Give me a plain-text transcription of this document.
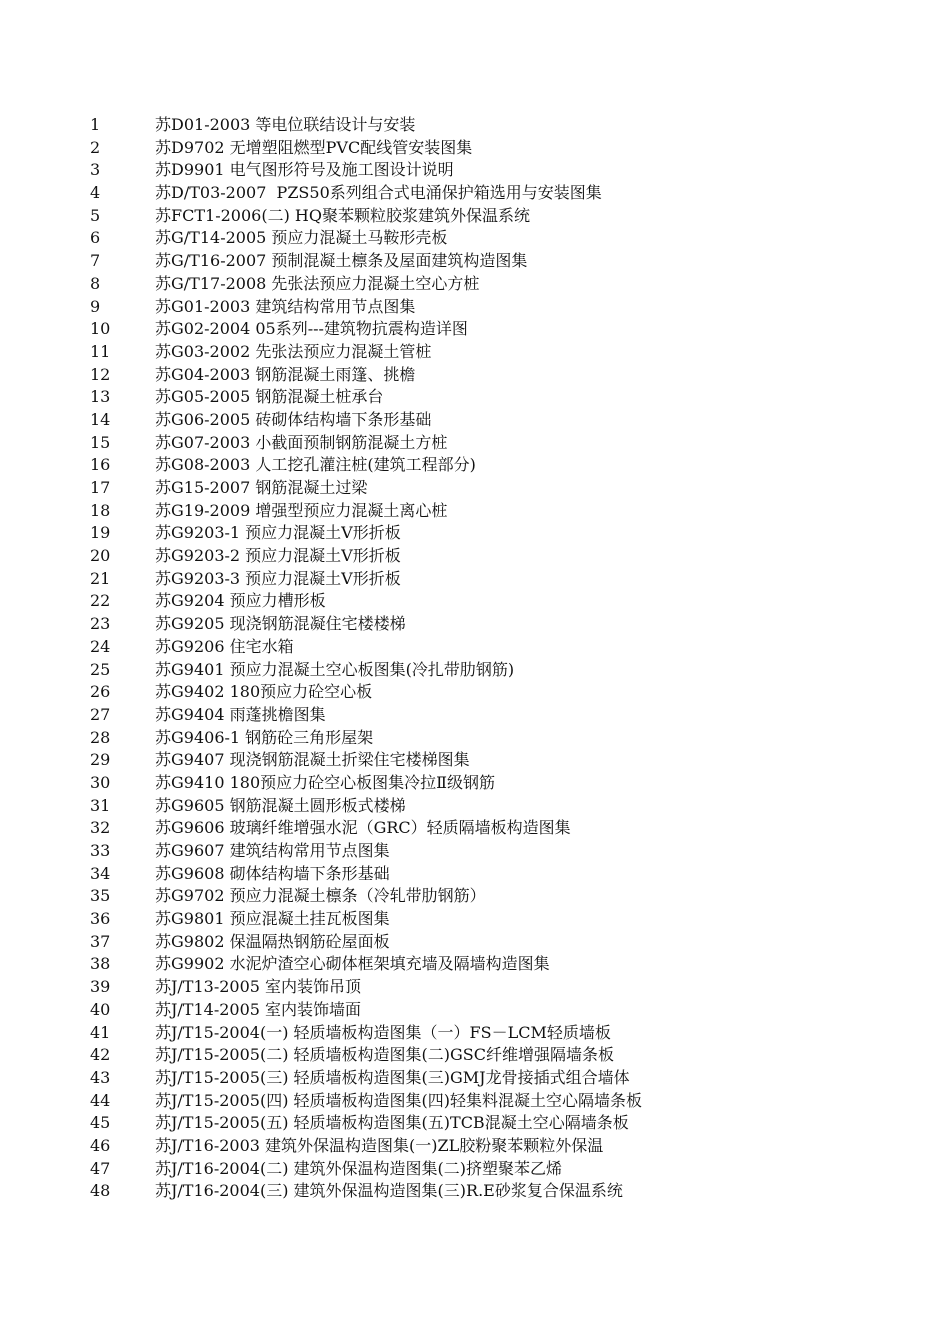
1	苏D01-2003 等电位联结设计与安装
2	苏D9702 无增塑阻燃型PVC配线管安装图集
3	苏D9901 电气图形符号及施工图设计说明
4	苏D/T03-2007  PZS50系列组合式电涌保护箱选用与安装图集
5	苏FCT1-2006(二) HQ聚苯颗粒胶浆建筑外保温系统
6	苏G/T14-2005 预应力混凝土马鞍形壳板
7	苏G/T16-2007 预制混凝土檩条及屋面建筑构造图集
8	苏G/T17-2008 先张法预应力混凝土空心方桩
9	苏G01-2003 建筑结构常用节点图集
10	苏G02-2004 05系列---建筑物抗震构造详图
11	苏G03-2002 先张法预应力混凝土管桩
12	苏G04-2003 钢筋混凝土雨篷、挑檐
13	苏G05-2005 钢筋混凝土桩承台
14	苏G06-2005 砖砌体结构墙下条形基础
15	苏G07-2003 小截面预制钢筋混凝土方桩
16	苏G08-2003 人工挖孔灌注桩(建筑工程部分)
17	苏G15-2007 钢筋混凝土过梁
18	苏G19-2009 增强型预应力混凝土离心桩
19	苏G9203-1 预应力混凝土V形折板
20	苏G9203-2 预应力混凝土V形折板
21	苏G9203-3 预应力混凝土V形折板
22	苏G9204 预应力槽形板
23	苏G9205 现浇钢筋混凝住宅楼楼梯
24	苏G9206 住宅水箱
25	苏G9401 预应力混凝土空心板图集(冷扎带肋钢筋)
26	苏G9402 180预应力砼空心板
27	苏G9404 雨蓬挑檐图集
28	苏G9406-1 钢筋砼三角形屋架
29	苏G9407 现浇钢筋混凝土折梁住宅楼梯图集
30	苏G9410 180预应力砼空心板图集冷拉Ⅱ级钢筋
31	苏G9605 钢筋混凝土圆形板式楼梯
32	苏G9606 玻璃纤维增强水泥（GRC）轻质隔墙板构造图集
33	苏G9607 建筑结构常用节点图集
34	苏G9608 砌体结构墙下条形基础
35	苏G9702 预应力混凝土檩条（冷轧带肋钢筋）
36	苏G9801 预应混凝土挂瓦板图集
37	苏G9802 保温隔热钢筋砼屋面板
38	苏G9902 水泥炉渣空心砌体框架填充墙及隔墙构造图集
39	苏J/T13-2005 室内装饰吊顶
40	苏J/T14-2005 室内装饰墙面
41	苏J/T15-2004(一) 轻质墙板构造图集（一）FS－LCM轻质墙板
42	苏J/T15-2005(二) 轻质墙板构造图集(二)GSC纤维增强隔墙条板
43	苏J/T15-2005(三) 轻质墙板构造图集(三)GMJ龙骨接插式组合墙体
44	苏J/T15-2005(四) 轻质墙板构造图集(四)轻集料混凝土空心隔墙条板
45	苏J/T15-2005(五) 轻质墙板构造图集(五)TCB混凝土空心隔墙条板
46	苏J/T16-2003 建筑外保温构造图集(一)ZL胶粉聚苯颗粒外保温
47	苏J/T16-2004(二) 建筑外保温构造图集(二)挤塑聚苯乙烯
48	苏J/T16-2004(三) 建筑外保温构造图集(三)R.E砂浆复合保温系统
